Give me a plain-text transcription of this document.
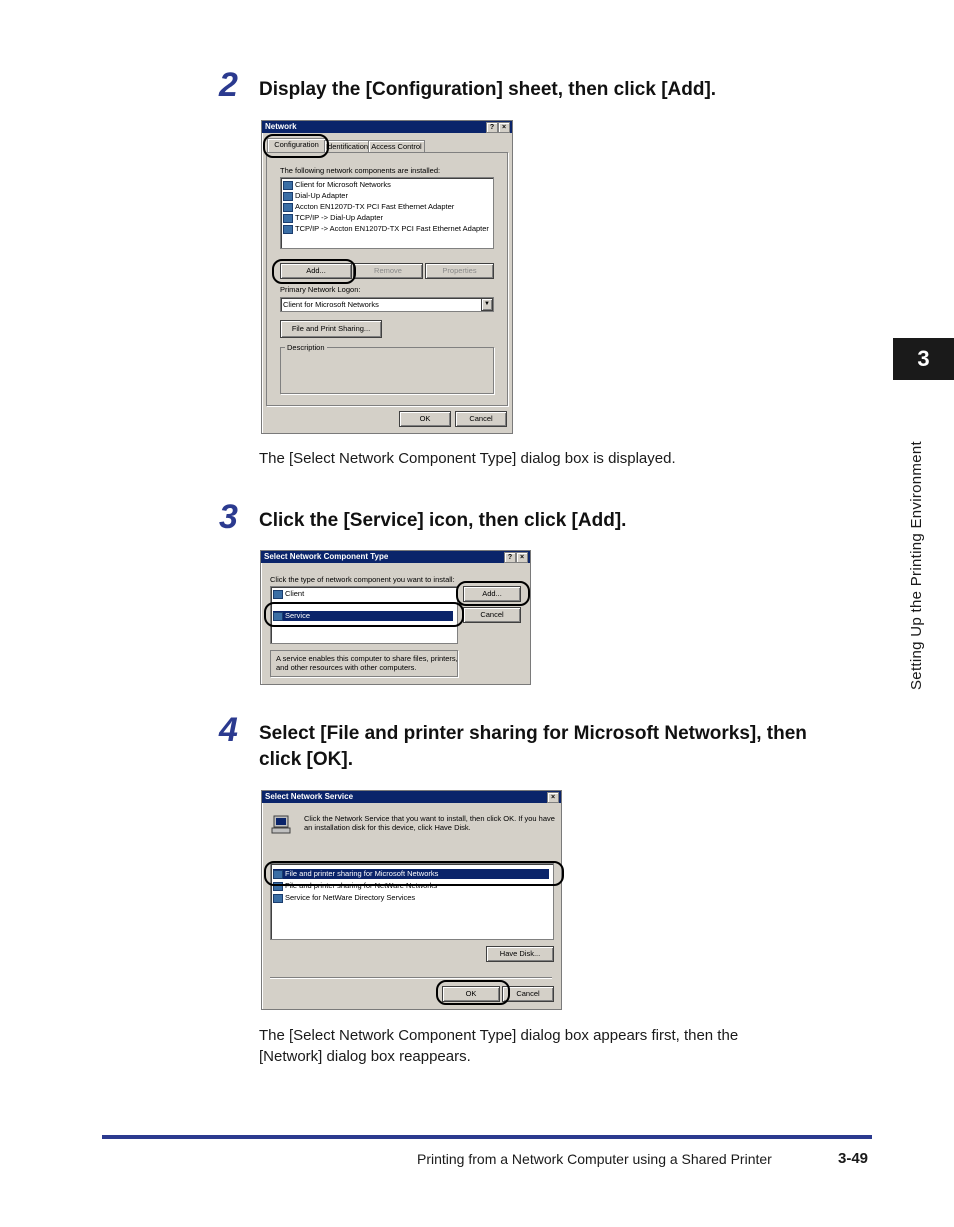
2 Display the [Configuration] sheet, then click [Add].
Network	?	×
Configuration Identification Access Control
The following network components are installed:
Client for Microsoft Networks
Dial-Up Adapter
Accton EN1207D-TX PCI Fast Ethernet Adapter
TCP/IP -> Dial-Up Adapter
TCP/IP -> Accton EN1207D-TX PCI Fast Ethernet Adapter
Add...	Remove	Properties
Primary Network Logon:
Client for Microsoft Networks	▼
File and Print Sharing...
Description
OK	Cancel
The [Select Network Component Type] dialog box is displayed.
3 Click the [Service] icon, then click [Add].
Select Network Component Type	?	×
Click the type of network component you want to install:
Client
Service
Add...
Cancel
A service enables this computer to share files, printers,
and other resources with other computers.
4 Select [File and printer sharing for Microsoft Networks], then
click [OK].
Select Network Service	×
Click the Network Service that you want to install, then click OK. If you have
an installation disk for this device, click Have Disk.
File and printer sharing for Microsoft Networks
File and printer sharing for NetWare Networks
Service for NetWare Directory Services
Have Disk...
OK	Cancel
The [Select Network Component Type] dialog box appears first, then the
[Network] dialog box reappears.
3
Setting Up the Printing Environment
Printing from a Network Computer using a Shared Printer	3-49
